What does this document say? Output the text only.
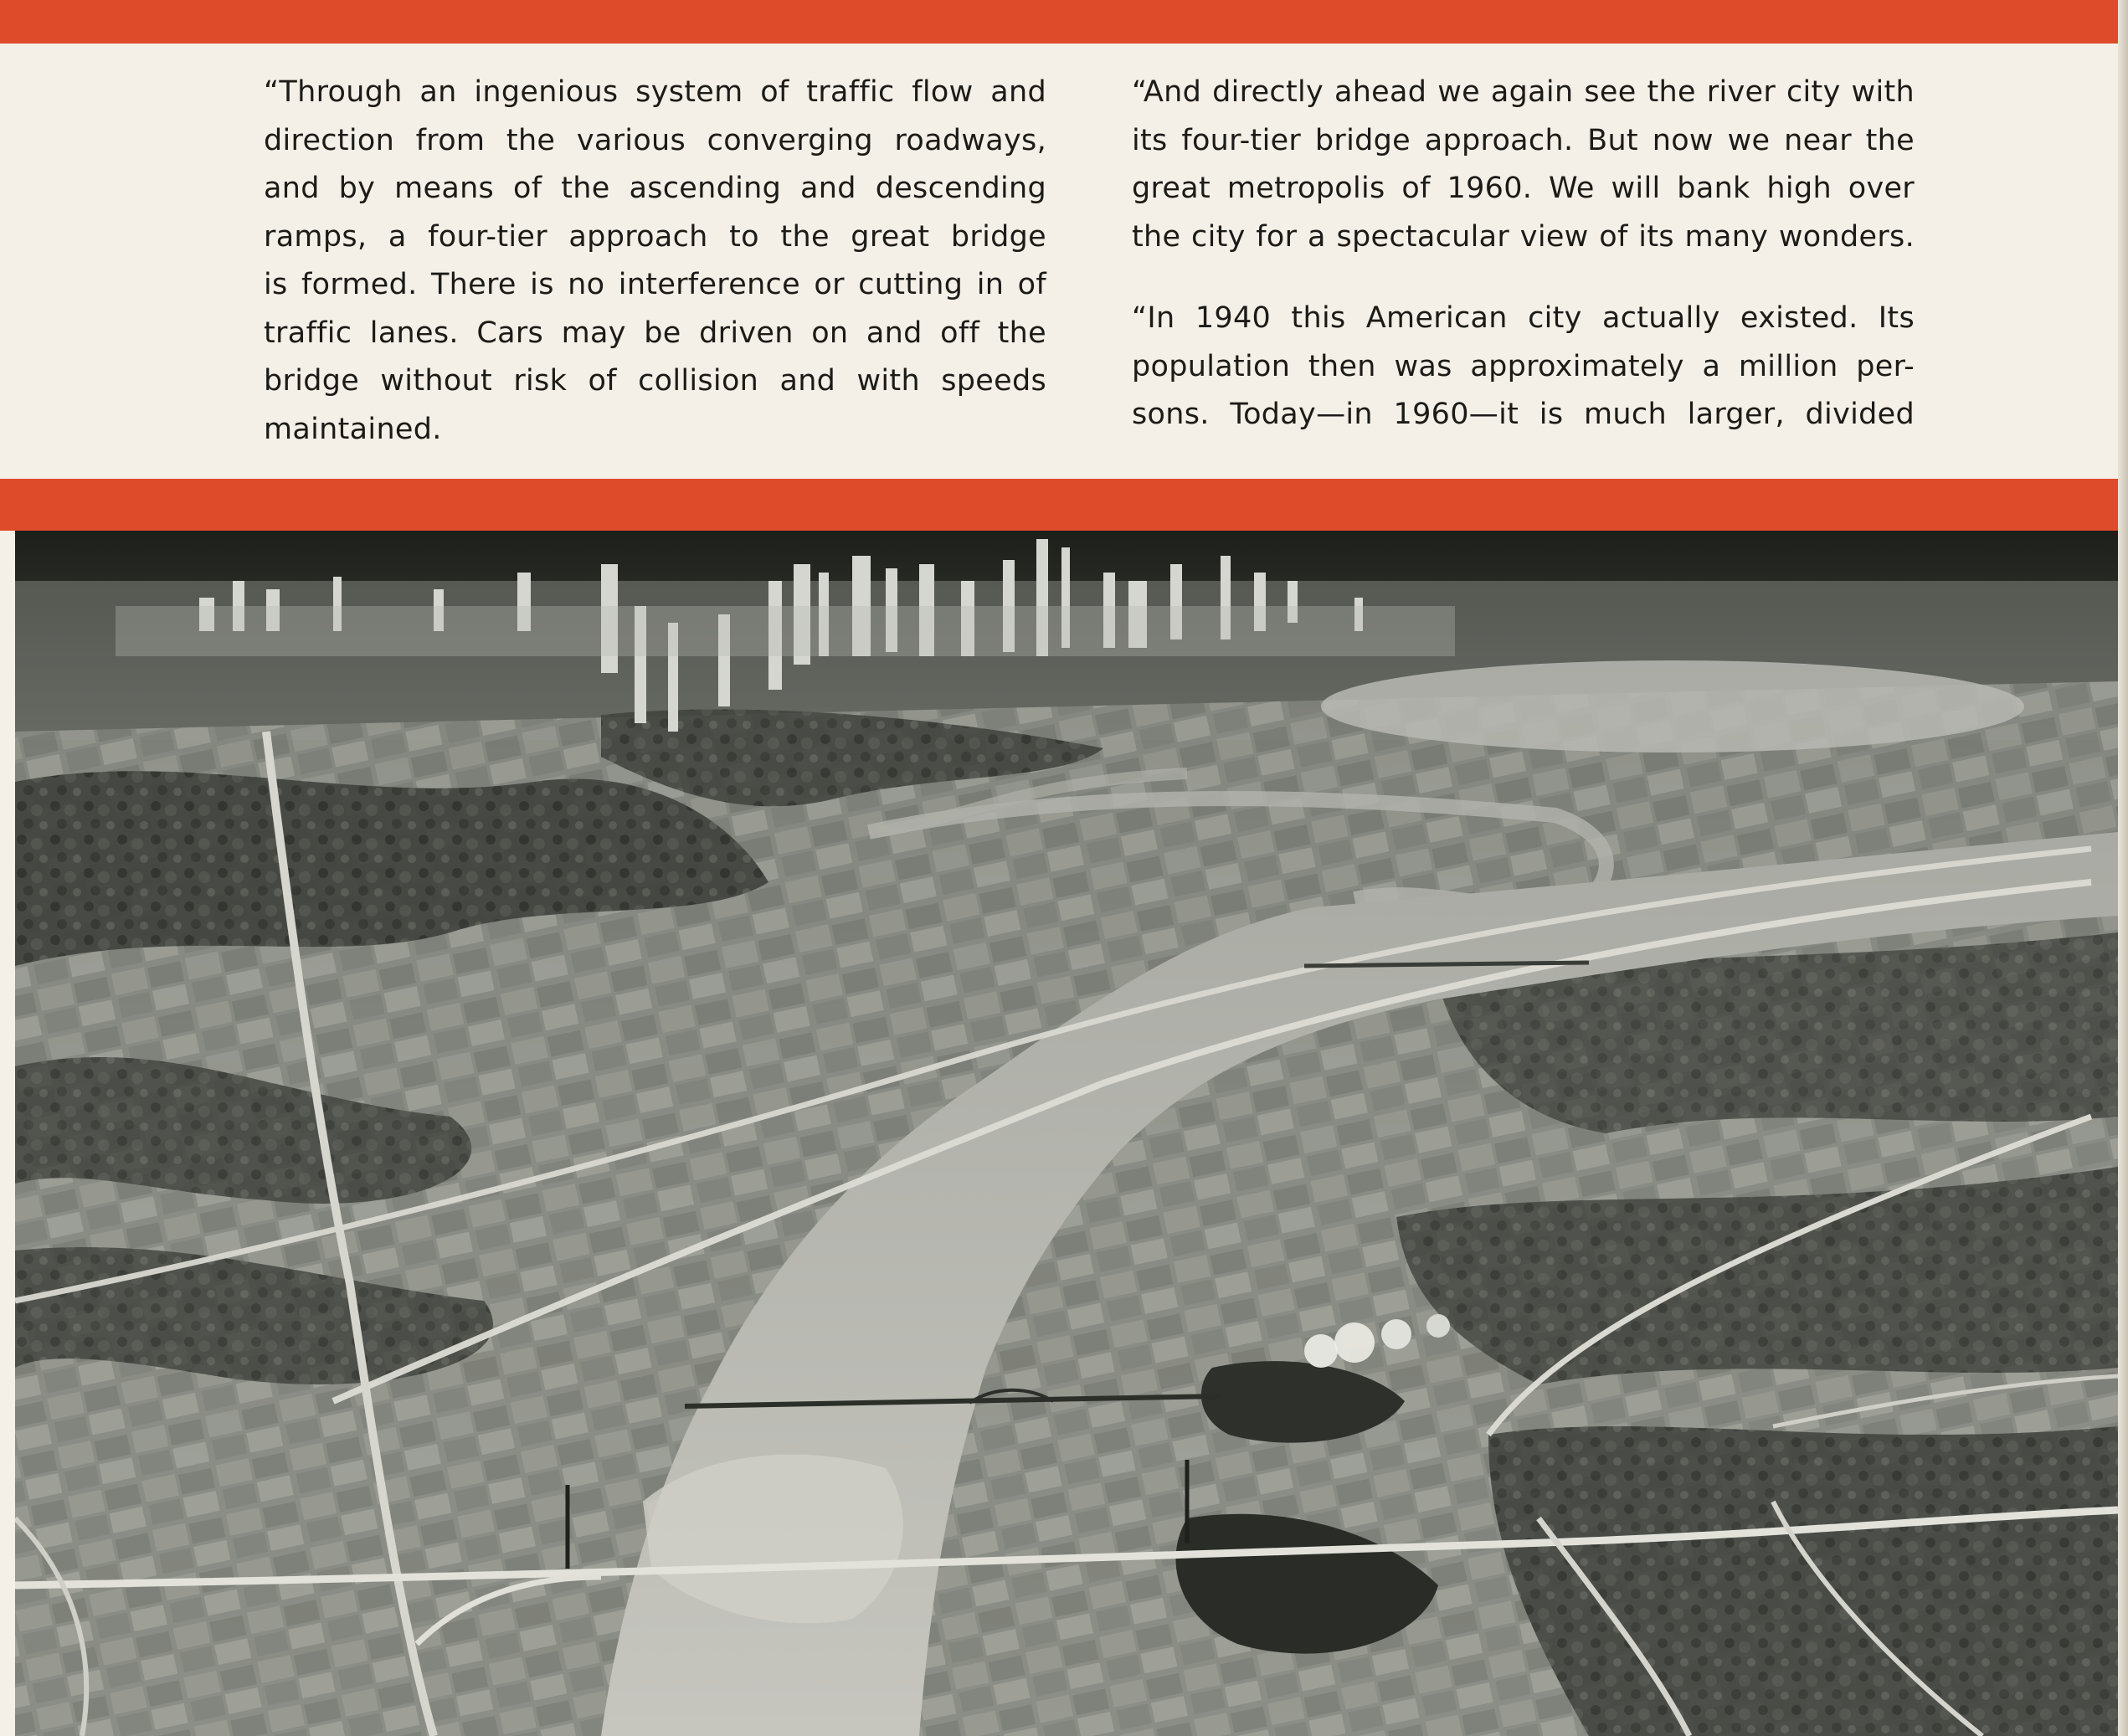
“Through an ingenious system of traffic flow and

direction from the various converging roadways,

and by means of the ascending and descending

ramps, a four-tier approach to the great bridge

is formed. There is no interference or cutting in of

traffic lanes. Cars may be driven on and off the

bridge without risk of collision and with speeds

maintained.

“And directly ahead we again see the river city with

its four-tier bridge approach. But now we near the

great metropolis of 1960. We will bank high over

the city for a spectacular view of its many wonders.

“In 1940 this American city actually existed. Its

population then was approximately a million per-

sons. Today—in 1960—it is much larger, divided
